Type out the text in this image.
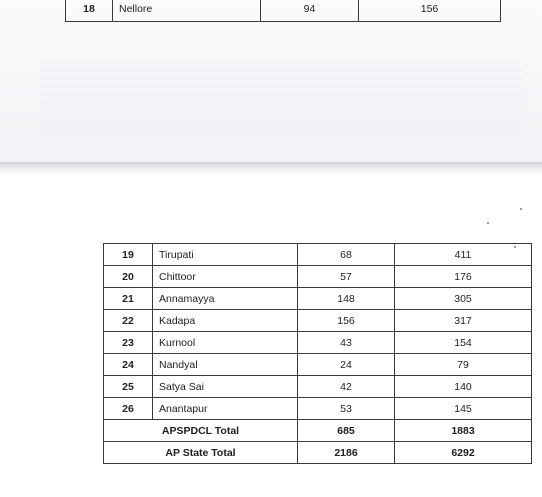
18	Nellore	94	156
19	Tirupati	68	411
20	Chittoor	57	176
21	Annamayya	148	305
22	Kadapa	156	317
23	Kurnool	43	154
24	Nandyal	24	79
25	Satya Sai	42	140
26	Anantapur	53	145
APSPDCL Total		685	1883
AP State Total		2186	6292
